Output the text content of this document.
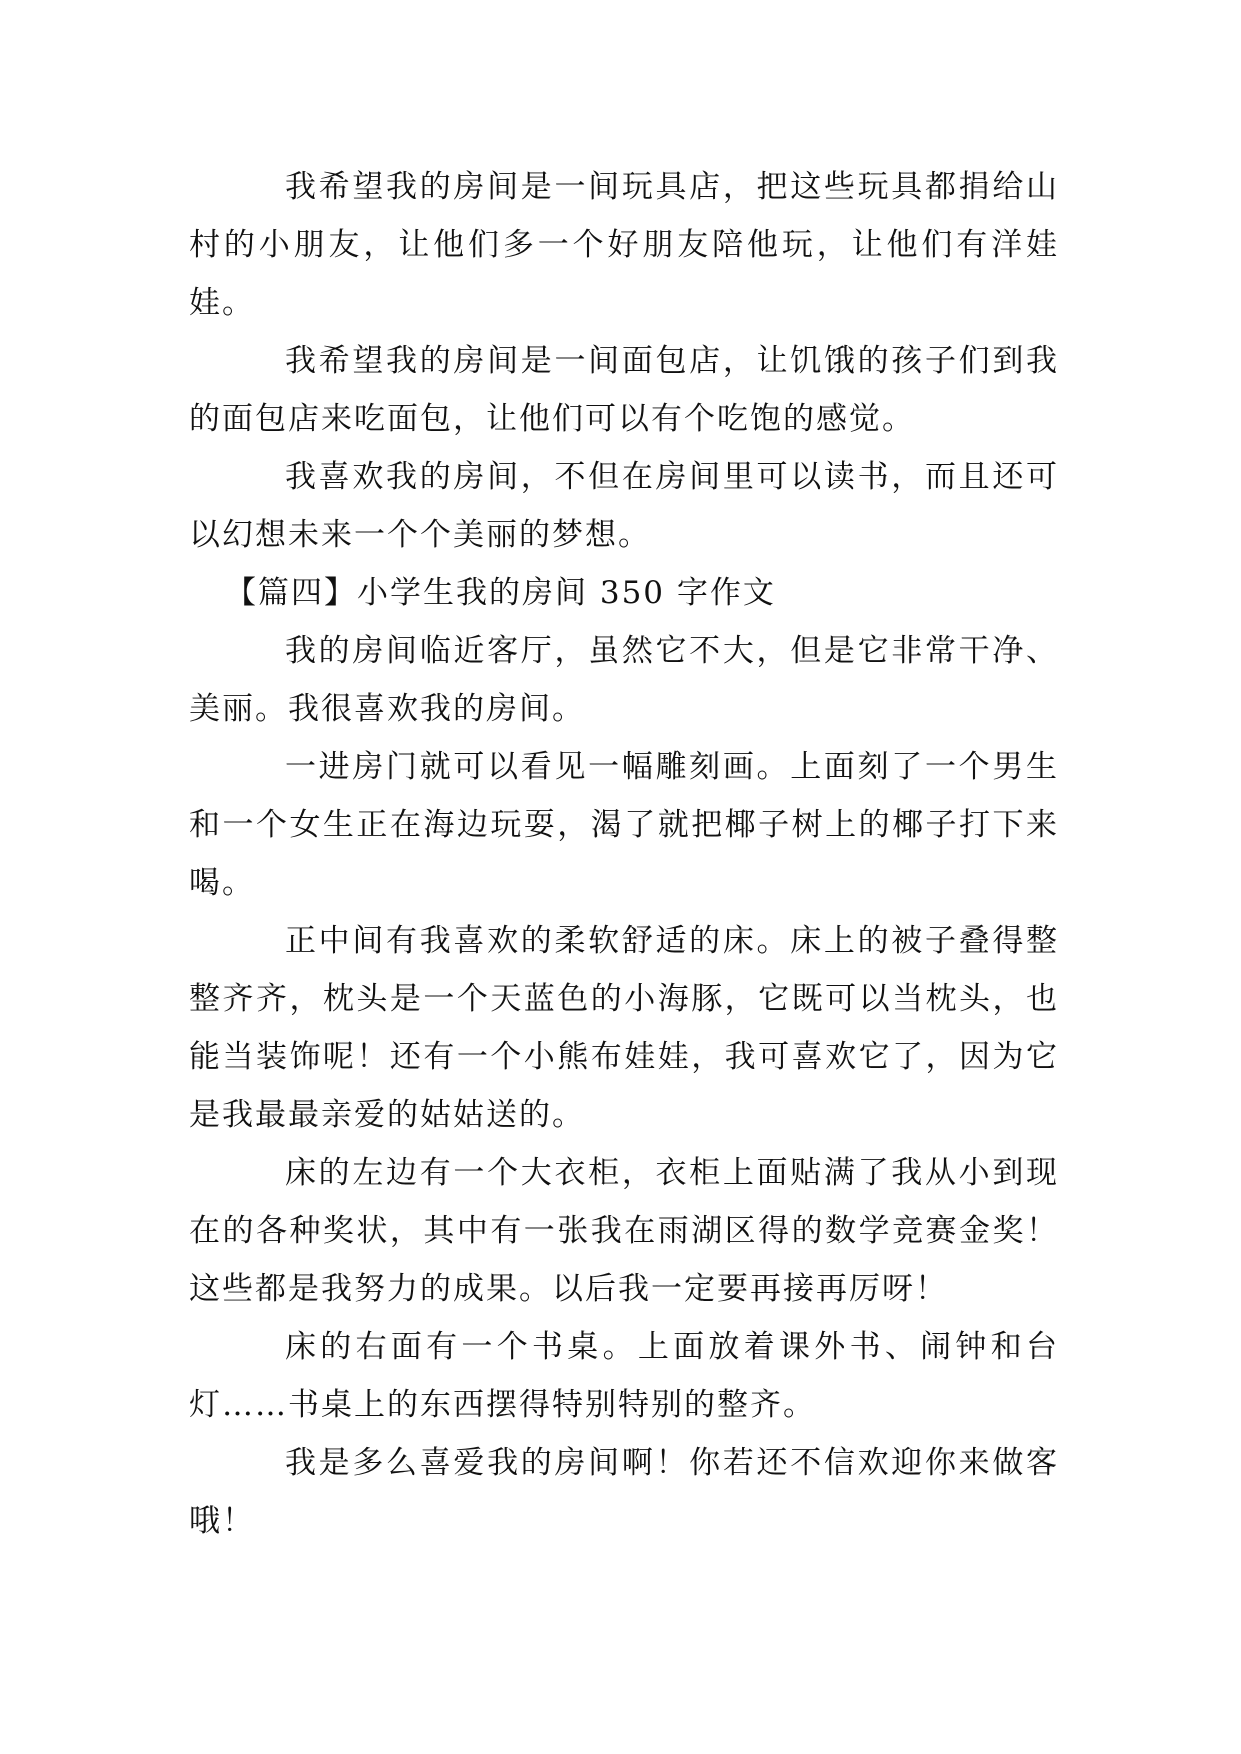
我希望我的房间是一间玩具店，把这些玩具都捐给山村的小朋友，让他们多一个好朋友陪他玩，让他们有洋娃娃。

我希望我的房间是一间面包店，让饥饿的孩子们到我的面包店来吃面包，让他们可以有个吃饱的感觉。

我喜欢我的房间，不但在房间里可以读书，而且还可以幻想未来一个个美丽的梦想。

【篇四】小学生我的房间 350 字作文

我的房间临近客厅，虽然它不大，但是它非常干净、美丽。我很喜欢我的房间。

一进房门就可以看见一幅雕刻画。上面刻了一个男生和一个女生正在海边玩耍，渴了就把椰子树上的椰子打下来喝。

正中间有我喜欢的柔软舒适的床。床上的被子叠得整整齐齐，枕头是一个天蓝色的小海豚，它既可以当枕头，也能当装饰呢！还有一个小熊布娃娃，我可喜欢它了，因为它是我最最亲爱的姑姑送的。

床的左边有一个大衣柜，衣柜上面贴满了我从小到现在的各种奖状，其中有一张我在雨湖区得的数学竞赛金奖！这些都是我努力的成果。以后我一定要再接再厉呀！

床的右面有一个书桌。上面放着课外书、闹钟和台灯……书桌上的东西摆得特别特别的整齐。

我是多么喜爱我的房间啊！你若还不信欢迎你来做客哦！
